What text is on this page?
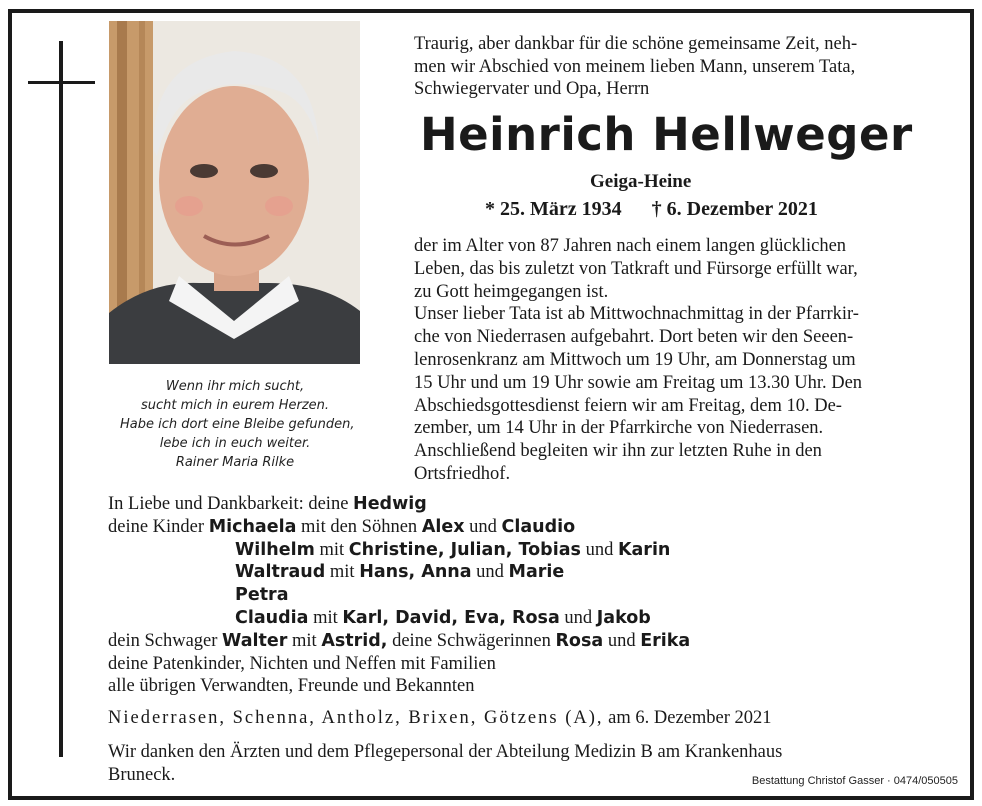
Wenn ihr mich sucht,
sucht mich in eurem Herzen.
Habe ich dort eine Bleibe gefunden,
lebe ich in euch weiter.
Rainer Maria Rilke
Traurig, aber dankbar für die schöne gemeinsame Zeit, neh-
men wir Abschied von meinem lieben Mann, unserem Tata,
Schwiegervater und Opa, Herrn
Heinrich Hellweger
Geiga-Heine
* 25. März 1934 † 6. Dezember 2021
der im Alter von 87 Jahren nach einem langen glücklichen
Leben, das bis zuletzt von Tatkraft und Fürsorge erfüllt war,
zu Gott heimgegangen ist.
Unser lieber Tata ist ab Mittwochnachmittag in der Pfarrkir-
che von Niederrasen aufgebahrt. Dort beten wir den Seeen-
lenrosenkranz am Mittwoch um 19 Uhr, am Donnerstag um
15 Uhr und um 19 Uhr sowie am Freitag um 13.30 Uhr. Den
Abschiedsgottesdienst feiern wir am Freitag, dem 10. De-
zember, um 14 Uhr in der Pfarrkirche von Niederrasen.
Anschließend begleiten wir ihn zur letzten Ruhe in den
Ortsfriedhof.
In Liebe und Dankbarkeit: deine Hedwig
deine Kinder Michaela mit den Söhnen Alex und Claudio
Wilhelm mit Christine, Julian, Tobias und Karin
Waltraud mit Hans, Anna und Marie
Petra
Claudia mit Karl, David, Eva, Rosa und Jakob
dein Schwager Walter mit Astrid, deine Schwägerinnen Rosa und Erika
deine Patenkinder, Nichten und Neffen mit Familien
alle übrigen Verwandten, Freunde und Bekannten
Niederrasen, Schenna, Antholz, Brixen, Götzens (A), am 6. Dezember 2021
Wir danken den Ärzten und dem Pflegepersonal der Abteilung Medizin B am Krankenhaus
Bruneck.	Bestattung Christof Gasser · 0474/050505
